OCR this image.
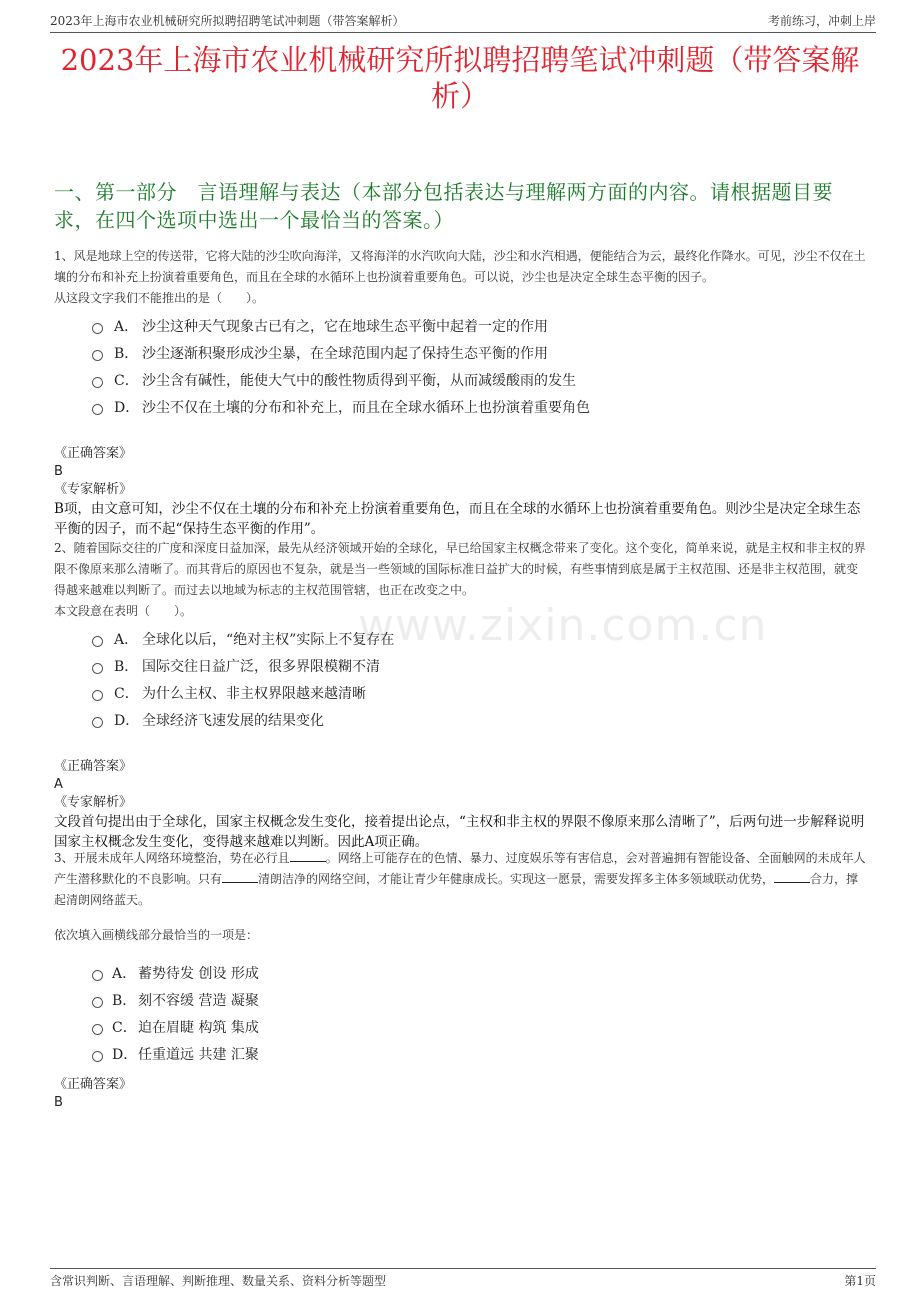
2023年上海市农业机械研究所拟聘招聘笔试冲刺题（带答案解析）	考前练习，冲刺上岸
2023年上海市农业机械研究所拟聘招聘笔试冲刺题（带答案解析）
一、第一部分　言语理解与表达（本部分包括表达与理解两方面的内容。请根据题目要求，在四个选项中选出一个最恰当的答案。）
www.zixin.com.cn

1、风是地球上空的传送带，它将大陆的沙尘吹向海洋，又将海洋的水汽吹向大陆，沙尘和水汽相遇，便能结合为云，最终化作降水。可见，沙尘不仅在土壤的分布和补充上扮演着重要角色，而且在全球的水循环上也扮演着重要角色。可以说，沙尘也是决定全球生态平衡的因子。

从这段文字我们不能推出的是（　　）。

A． 沙尘这种天气现象古已有之，它在地球生态平衡中起着一定的作用
B． 沙尘逐渐积聚形成沙尘暴，在全球范围内起了保持生态平衡的作用
C． 沙尘含有碱性，能使大气中的酸性物质得到平衡，从而减缓酸雨的发生
D． 沙尘不仅在土壤的分布和补充上，而且在全球水循环上也扮演着重要角色

《正确答案》

B

《专家解析》

B项，由文意可知，沙尘不仅在土壤的分布和补充上扮演着重要角色，而且在全球的水循环上也扮演着重要角色。则沙尘是决定全球生态平衡的因子，而不起“保持生态平衡的作用”。

2、随着国际交往的广度和深度日益加深，最先从经济领域开始的全球化，早已给国家主权概念带来了变化。这个变化，简单来说，就是主权和非主权的界限不像原来那么清晰了。而其背后的原因也不复杂，就是当一些领域的国际标准日益扩大的时候，有些事情到底是属于主权范围、还是非主权范围，就变得越来越难以判断了。而过去以地域为标志的主权范围管辖，也正在改变之中。

本文段意在表明（　　）。

A． 全球化以后，“绝对主权”实际上不复存在
B． 国际交往日益广泛，很多界限模糊不清
C． 为什么主权、非主权界限越来越清晰
D． 全球经济飞速发展的结果变化

《正确答案》

A

《专家解析》

文段首句提出由于全球化，国家主权概念发生变化，接着提出论点，“主权和非主权的界限不像原来那么清晰了”，后两句进一步解释说明国家主权概念发生变化，变得越来越难以判断。因此A项正确。

3、开展未成年人网络环境整治，势在必行且	。网络上可能存在的色情、暴力、过度娱乐等有害信息，会对普遍拥有智能设备、全面触网的未成年人产生潜移默化的不良影响。只有	清朗洁净的网络空间，才能让青少年健康成长。实现这一愿景，需要发挥多主体多领域联动优势，	合力，撑起清朗网络蓝天。

依次填入画横线部分最恰当的一项是：

A． 蓄势待发 创设 形成
B． 刻不容缓 营造 凝聚
C． 迫在眉睫 构筑 集成
D． 任重道远 共建 汇聚

《正确答案》

B

含常识判断、言语理解、判断推理、数量关系、资料分析等题型	第1页
